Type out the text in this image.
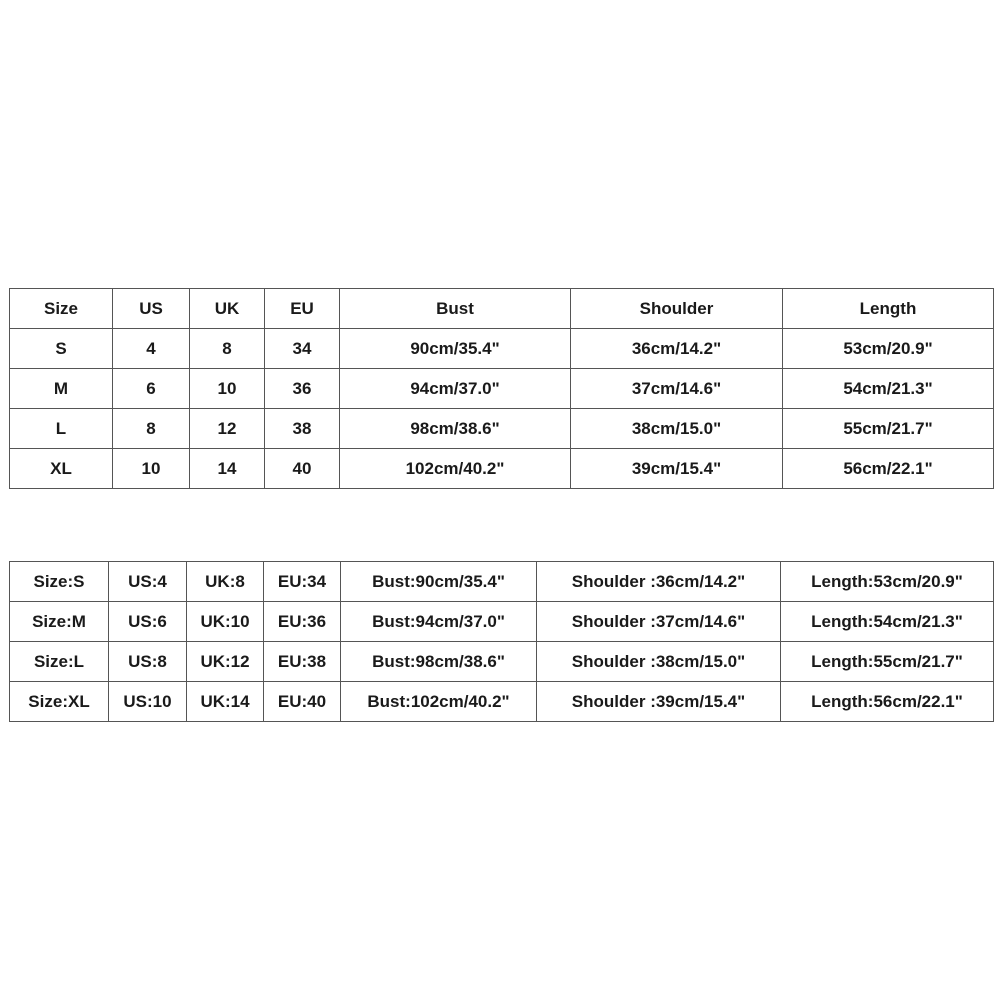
Size	US	UK	EU	Bust	Shoulder	Length
S	4	8	34	90cm/35.4"	36cm/14.2"	53cm/20.9"
M	6	10	36	94cm/37.0"	37cm/14.6"	54cm/21.3"
L	8	12	38	98cm/38.6"	38cm/15.0"	55cm/21.7"
XL	10	14	40	102cm/40.2"	39cm/15.4"	56cm/22.1"
Size:S	US:4	UK:8	EU:34	Bust:90cm/35.4"	Shoulder :36cm/14.2"	Length:53cm/20.9"
Size:M	US:6	UK:10	EU:36	Bust:94cm/37.0"	Shoulder :37cm/14.6"	Length:54cm/21.3"
Size:L	US:8	UK:12	EU:38	Bust:98cm/38.6"	Shoulder :38cm/15.0"	Length:55cm/21.7"
Size:XL	US:10	UK:14	EU:40	Bust:102cm/40.2"	Shoulder :39cm/15.4"	Length:56cm/22.1"
